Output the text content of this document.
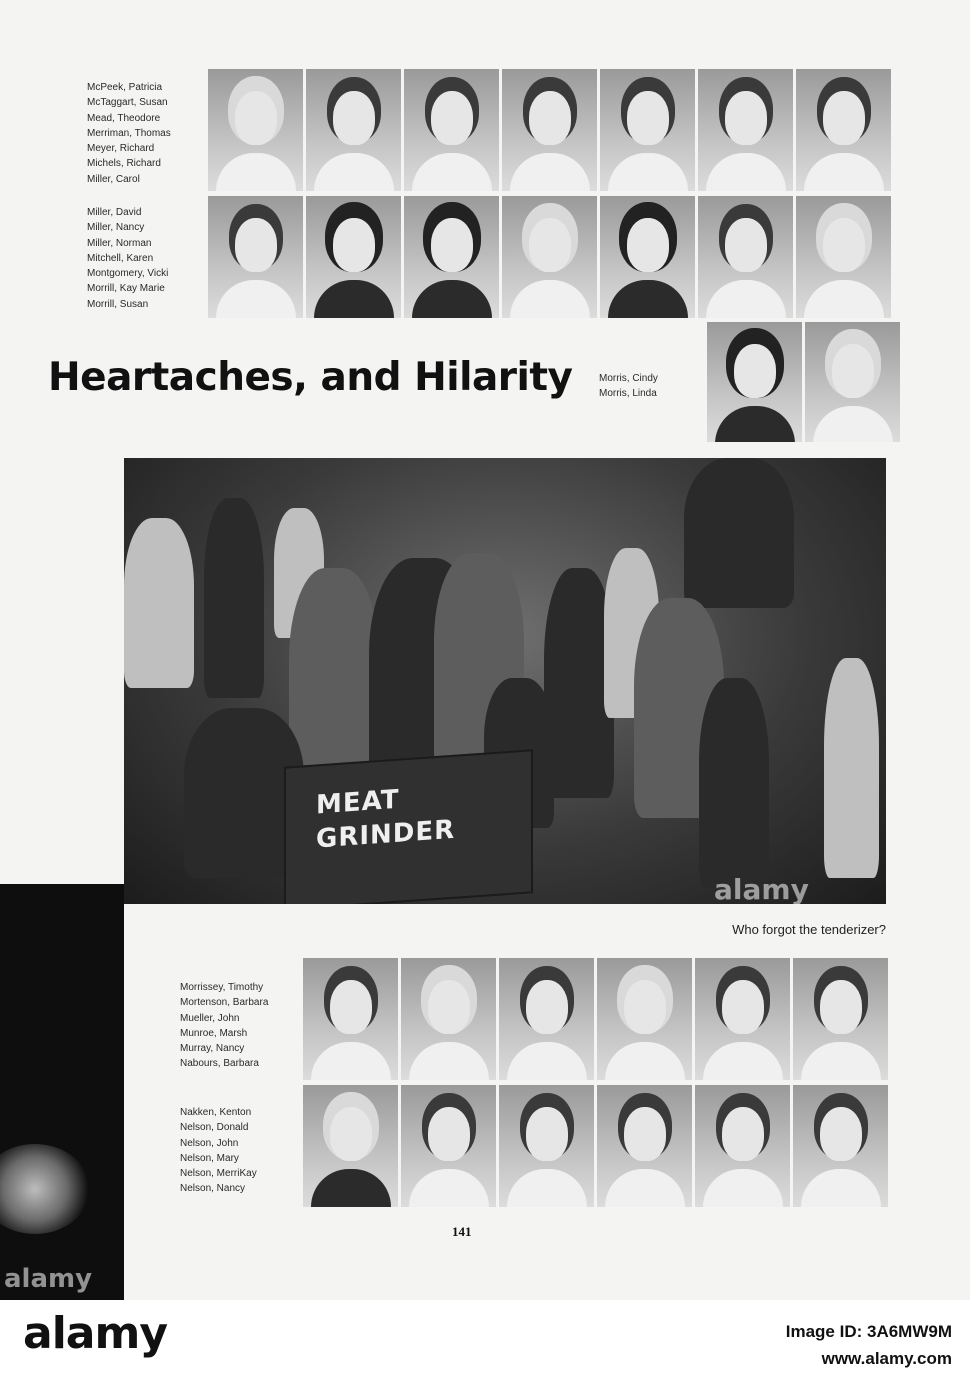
McPeek, Patricia
McTaggart, Susan
Mead, Theodore
Merriman, Thomas
Meyer, Richard
Michels, Richard
Miller, Carol
Miller, David
Miller, Nancy
Miller, Norman
Mitchell, Karen
Montgomery, Vicki
Morrill, Kay Marie
Morrill, Susan
Heartaches, and Hilarity	Morris, Cindy
Morris, Linda
MEAT
GRINDER
alamy
Who forgot the tenderizer?
Morrissey, Timothy
Mortenson, Barbara
Mueller, John
Munroe, Marsh
Murray, Nancy
Nabours, Barbara
Nakken, Kenton
Nelson, Donald
Nelson, John
Nelson, Mary
Nelson, MerriKay
Nelson, Nancy
141
alamy
alamy	Image ID: 3A6MW9M
www.alamy.com
